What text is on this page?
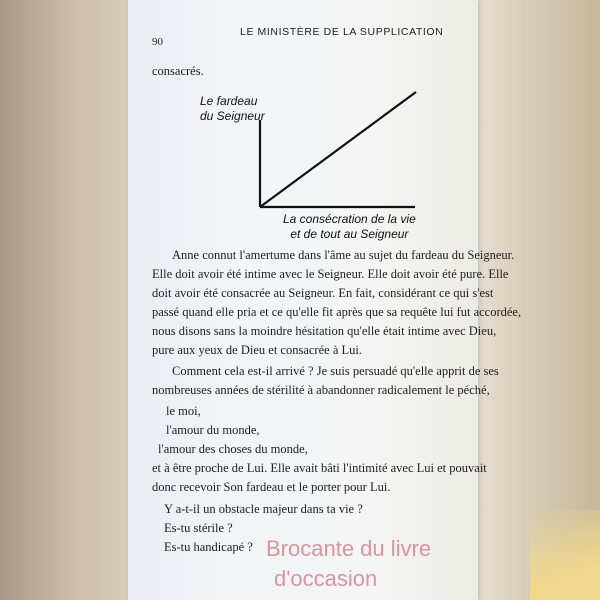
90
LE MINISTÈRE DE LA SUPPLICATION
consacrés.
Le fardeau
du Seigneur
La consécration de la vie
et de tout au Seigneur
Anne connut l'amertume dans l'âme au sujet du fardeau du Seigneur.
Elle doit avoir été intime avec le Seigneur. Elle doit avoir été pure. Elle
doit avoir été consacrée au Seigneur. En fait, considérant ce qui s'est
passé quand elle pria et ce qu'elle fit après que sa requête lui fut accordée,
nous disons sans la moindre hésitation qu'elle était intime avec Dieu,
pure aux yeux de Dieu et consacrée à Lui.
Comment cela est-il arrivé ? Je suis persuadé qu'elle apprit de ses
nombreuses années de stérilité à abandonner radicalement le péché,
le moi,
l'amour du monde,
l'amour des choses du monde,
et à être proche de Lui. Elle avait bâti l'intimité avec Lui et pouvait
donc recevoir Son fardeau et le porter pour Lui.
Y a-t-il un obstacle majeur dans ta vie ?
Es-tu stérile ?
Es-tu handicapé ? Brocante du livre
d'occasion
